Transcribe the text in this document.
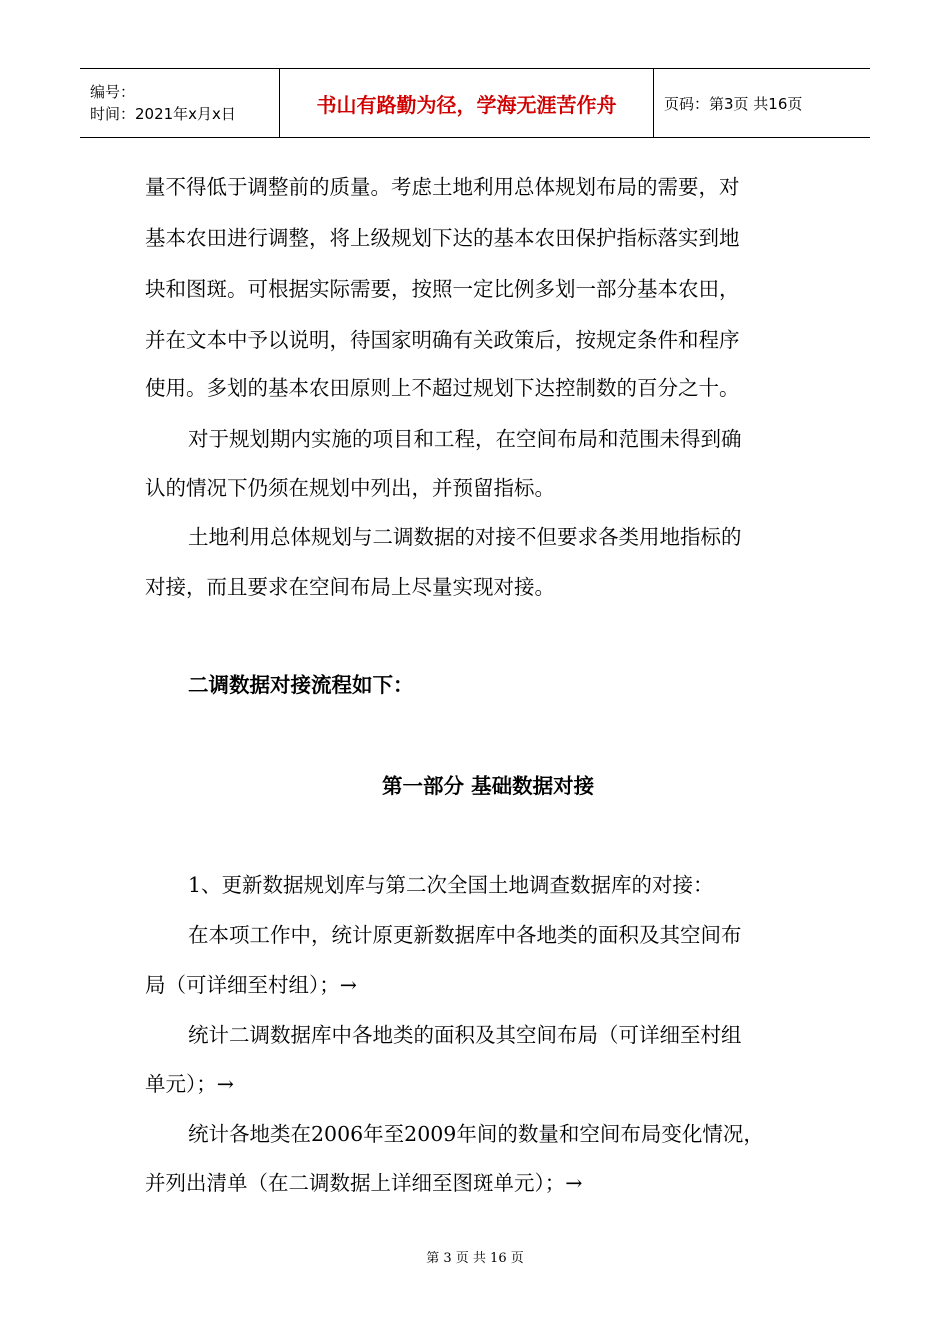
编号：
时间：2021年x月x日	书山有路勤为径，学海无涯苦作舟	页码：第3页 共16页
量不得低于调整前的质量。考虑土地利用总体规划布局的需要，对
基本农田进行调整，将上级规划下达的基本农田保护指标落实到地
块和图斑。可根据实际需要，按照一定比例多划一部分基本农田，
并在文本中予以说明，待国家明确有关政策后，按规定条件和程序
使用。多划的基本农田原则上不超过规划下达控制数的百分之十。
对于规划期内实施的项目和工程，在空间布局和范围未得到确
认的情况下仍须在规划中列出，并预留指标。
土地利用总体规划与二调数据的对接不但要求各类用地指标的
对接，而且要求在空间布局上尽量实现对接。
二调数据对接流程如下：
第一部分 基础数据对接
1、更新数据规划库与第二次全国土地调查数据库的对接：
在本项工作中，统计原更新数据库中各地类的面积及其空间布
局（可详细至村组）；→
统计二调数据库中各地类的面积及其空间布局（可详细至村组
单元）；→
统计各地类在2006年至2009年间的数量和空间布局变化情况，
并列出清单（在二调数据上详细至图斑单元）；→
第 3 页 共 16 页
